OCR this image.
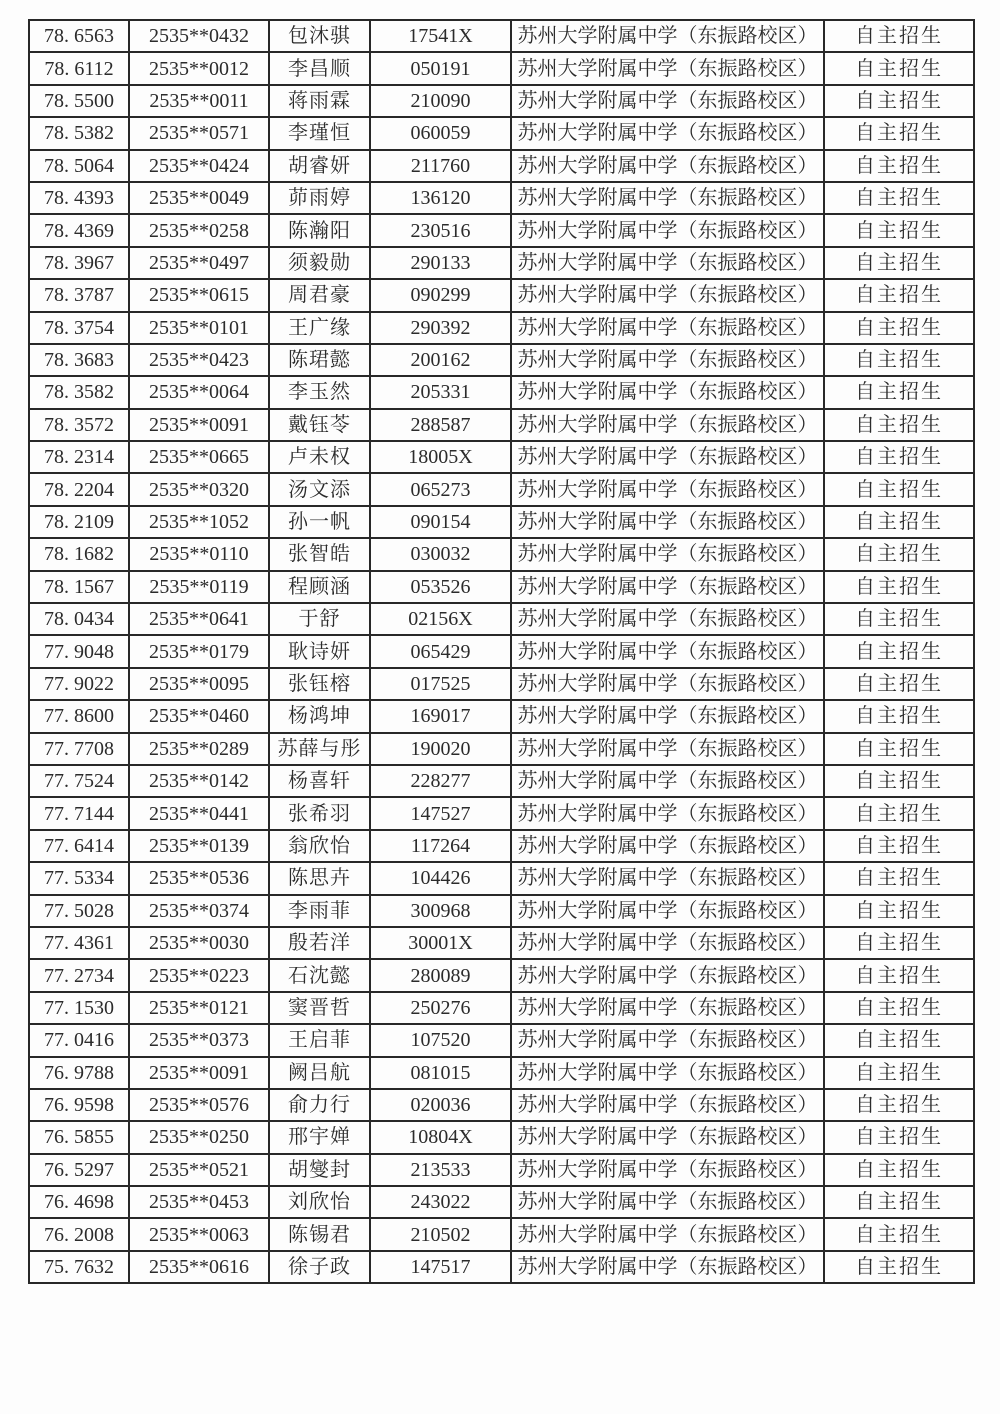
78. 6563	2535**0432	包沐骐	17541X	苏州大学附属中学（东振路校区）	自主招生
78. 6112	2535**0012	李昌顺	050191	苏州大学附属中学（东振路校区）	自主招生
78. 5500	2535**0011	蒋雨霖	210090	苏州大学附属中学（东振路校区）	自主招生
78. 5382	2535**0571	李瑾恒	060059	苏州大学附属中学（东振路校区）	自主招生
78. 5064	2535**0424	胡睿妍	211760	苏州大学附属中学（东振路校区）	自主招生
78. 4393	2535**0049	茆雨婷	136120	苏州大学附属中学（东振路校区）	自主招生
78. 4369	2535**0258	陈瀚阳	230516	苏州大学附属中学（东振路校区）	自主招生
78. 3967	2535**0497	须毅勋	290133	苏州大学附属中学（东振路校区）	自主招生
78. 3787	2535**0615	周君豪	090299	苏州大学附属中学（东振路校区）	自主招生
78. 3754	2535**0101	王广缘	290392	苏州大学附属中学（东振路校区）	自主招生
78. 3683	2535**0423	陈珺懿	200162	苏州大学附属中学（东振路校区）	自主招生
78. 3582	2535**0064	李玉然	205331	苏州大学附属中学（东振路校区）	自主招生
78. 3572	2535**0091	戴钰苓	288587	苏州大学附属中学（东振路校区）	自主招生
78. 2314	2535**0665	卢未权	18005X	苏州大学附属中学（东振路校区）	自主招生
78. 2204	2535**0320	汤文添	065273	苏州大学附属中学（东振路校区）	自主招生
78. 2109	2535**1052	孙一帆	090154	苏州大学附属中学（东振路校区）	自主招生
78. 1682	2535**0110	张智皓	030032	苏州大学附属中学（东振路校区）	自主招生
78. 1567	2535**0119	程顾涵	053526	苏州大学附属中学（东振路校区）	自主招生
78. 0434	2535**0641	于舒	02156X	苏州大学附属中学（东振路校区）	自主招生
77. 9048	2535**0179	耿诗妍	065429	苏州大学附属中学（东振路校区）	自主招生
77. 9022	2535**0095	张钰榕	017525	苏州大学附属中学（东振路校区）	自主招生
77. 8600	2535**0460	杨鸿坤	169017	苏州大学附属中学（东振路校区）	自主招生
77. 7708	2535**0289	苏薛与彤	190020	苏州大学附属中学（东振路校区）	自主招生
77. 7524	2535**0142	杨喜轩	228277	苏州大学附属中学（东振路校区）	自主招生
77. 7144	2535**0441	张希羽	147527	苏州大学附属中学（东振路校区）	自主招生
77. 6414	2535**0139	翁欣怡	117264	苏州大学附属中学（东振路校区）	自主招生
77. 5334	2535**0536	陈思卉	104426	苏州大学附属中学（东振路校区）	自主招生
77. 5028	2535**0374	李雨菲	300968	苏州大学附属中学（东振路校区）	自主招生
77. 4361	2535**0030	殷若洋	30001X	苏州大学附属中学（东振路校区）	自主招生
77. 2734	2535**0223	石沈懿	280089	苏州大学附属中学（东振路校区）	自主招生
77. 1530	2535**0121	窦晋哲	250276	苏州大学附属中学（东振路校区）	自主招生
77. 0416	2535**0373	王启菲	107520	苏州大学附属中学（东振路校区）	自主招生
76. 9788	2535**0091	阙吕航	081015	苏州大学附属中学（东振路校区）	自主招生
76. 9598	2535**0576	俞力行	020036	苏州大学附属中学（东振路校区）	自主招生
76. 5855	2535**0250	邢宇婵	10804X	苏州大学附属中学（东振路校区）	自主招生
76. 5297	2535**0521	胡燮封	213533	苏州大学附属中学（东振路校区）	自主招生
76. 4698	2535**0453	刘欣怡	243022	苏州大学附属中学（东振路校区）	自主招生
76. 2008	2535**0063	陈锡君	210502	苏州大学附属中学（东振路校区）	自主招生
75. 7632	2535**0616	徐子政	147517	苏州大学附属中学（东振路校区）	自主招生
